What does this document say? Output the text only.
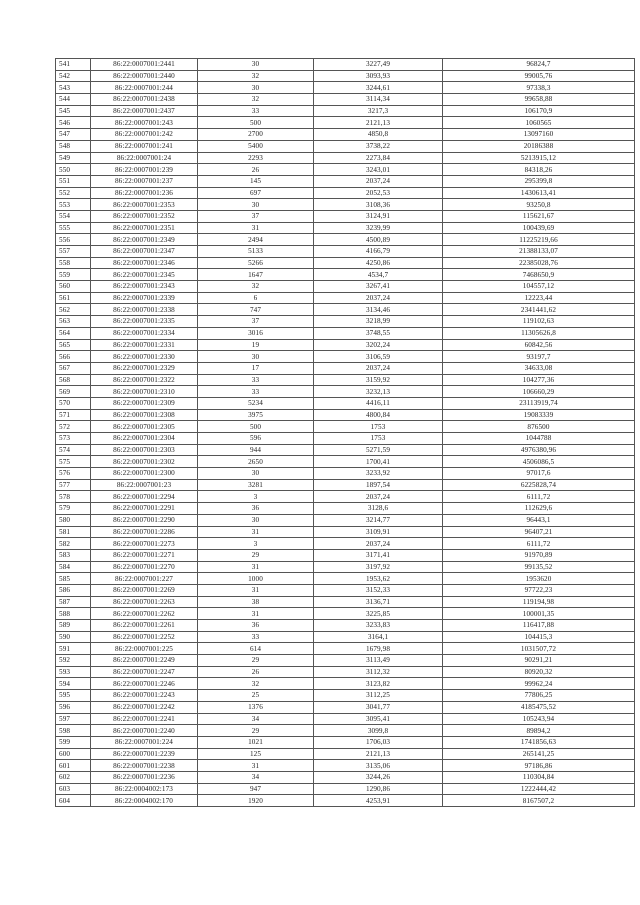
541	86:22:0007001:2441	30	3227,49	96824,7
542	86:22:0007001:2440	32	3093,93	99005,76
543	86:22:0007001:244	30	3244,61	97338,3
544	86:22:0007001:2438	32	3114,34	99658,88
545	86:22:0007001:2437	33	3217,3	106170,9
546	86:22:0007001:243	500	2121,13	1060565
547	86:22:0007001:242	2700	4850,8	13097160
548	86:22:0007001:241	5400	3738,22	20186388
549	86:22:0007001:24	2293	2273,84	5213915,12
550	86:22:0007001:239	26	3243,01	84318,26
551	86:22:0007001:237	145	2037,24	295399,8
552	86:22:0007001:236	697	2052,53	1430613,41
553	86:22:0007001:2353	30	3108,36	93250,8
554	86:22:0007001:2352	37	3124,91	115621,67
555	86:22:0007001:2351	31	3239,99	100439,69
556	86:22:0007001:2349	2494	4500,89	11225219,66
557	86:22:0007001:2347	5133	4166,79	21388133,07
558	86:22:0007001:2346	5266	4250,86	22385028,76
559	86:22:0007001:2345	1647	4534,7	7468650,9
560	86:22:0007001:2343	32	3267,41	104557,12
561	86:22:0007001:2339	6	2037,24	12223,44
562	86:22:0007001:2338	747	3134,46	2341441,62
563	86:22:0007001:2335	37	3218,99	119102,63
564	86:22:0007001:2334	3016	3748,55	11305626,8
565	86:22:0007001:2331	19	3202,24	60842,56
566	86:22:0007001:2330	30	3106,59	93197,7
567	86:22:0007001:2329	17	2037,24	34633,08
568	86:22:0007001:2322	33	3159,92	104277,36
569	86:22:0007001:2310	33	3232,13	106660,29
570	86:22:0007001:2309	5234	4416,11	23113919,74
571	86:22:0007001:2308	3975	4800,84	19083339
572	86:22:0007001:2305	500	1753	876500
573	86:22:0007001:2304	596	1753	1044788
574	86:22:0007001:2303	944	5271,59	4976380,96
575	86:22:0007001:2302	2650	1700,41	4506086,5
576	86:22:0007001:2300	30	3233,92	97017,6
577	86:22:0007001:23	3281	1897,54	6225828,74
578	86:22:0007001:2294	3	2037,24	6111,72
579	86:22:0007001:2291	36	3128,6	112629,6
580	86:22:0007001:2290	30	3214,77	96443,1
581	86:22:0007001:2286	31	3109,91	96407,21
582	86:22:0007001:2273	3	2037,24	6111,72
583	86:22:0007001:2271	29	3171,41	91970,89
584	86:22:0007001:2270	31	3197,92	99135,52
585	86:22:0007001:227	1000	1953,62	1953620
586	86:22:0007001:2269	31	3152,33	97722,23
587	86:22:0007001:2263	38	3136,71	119194,98
588	86:22:0007001:2262	31	3225,85	100001,35
589	86:22:0007001:2261	36	3233,83	116417,88
590	86:22:0007001:2252	33	3164,1	104415,3
591	86:22:0007001:225	614	1679,98	1031507,72
592	86:22:0007001:2249	29	3113,49	90291,21
593	86:22:0007001:2247	26	3112,32	80920,32
594	86:22:0007001:2246	32	3123,82	99962,24
595	86:22:0007001:2243	25	3112,25	77806,25
596	86:22:0007001:2242	1376	3041,77	4185475,52
597	86:22:0007001:2241	34	3095,41	105243,94
598	86:22:0007001:2240	29	3099,8	89894,2
599	86:22:0007001:224	1021	1706,03	1741856,63
600	86:22:0007001:2239	125	2121,13	265141,25
601	86:22:0007001:2238	31	3135,06	97186,86
602	86:22:0007001:2236	34	3244,26	110304,84
603	86:22:0004002:173	947	1290,86	1222444,42
604	86:22:0004002:170	1920	4253,91	8167507,2
